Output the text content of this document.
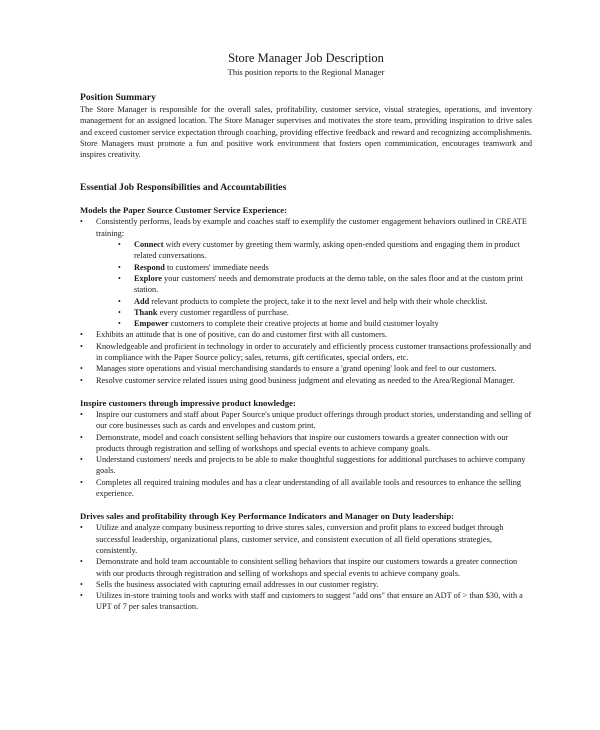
Store Manager Job Description

This position reports to the Regional Manager

Position Summary

The Store Manager is responsible for the overall sales, profitability, customer service, visual strategies, operations, and inventory management for an assigned location. The Store Manager supervises and motivates the store team, providing inspiration to drive sales and exceed customer service expectation through coaching, providing effective feedback and reward and recognizing accomplishments. Store Managers must promote a fun and positive work environment that fosters open communication, encourages teamwork and inspires creativity.

Essential Job Responsibilities and Accountabilities

Models the Paper Source Customer Service Experience:

• Consistently performs, leads by example and coaches staff to exemplify the customer engagement behaviors outlined in CREATE training:
• Connect with every customer by greeting them warmly, asking open-ended questions and engaging them in product related conversations.
• Respond to customers' immediate needs
• Explore your customers' needs and demonstrate products at the demo table, on the sales floor and at the custom print station.
• Add relevant products to complete the project, take it to the next level and help with their whole checklist.
• Thank every customer regardless of purchase.
• Empower customers to complete their creative projects at home and build customer loyalty
• Exhibits an attitude that is one of positive, can do and customer first with all customers.
• Knowledgeable and proficient in technology in order to accurately and efficiently process customer transactions professionally and in compliance with the Paper Source policy; sales, returns, gift certificates, special orders, etc.
• Manages store operations and visual merchandising standards to ensure a 'grand opening' look and feel to our customers.
• Resolve customer service related issues using good business judgment and elevating as needed to the Area/Regional Manager.

Inspire customers through impressive product knowledge:

• Inspire our customers and staff about Paper Source's unique product offerings through product stories, understanding and selling of our core businesses such as cards and envelopes and custom print.
• Demonstrate, model and coach consistent selling behaviors that inspire our customers towards a greater connection with our products through registration and selling of workshops and special events to achieve company goals.
• Understand customers' needs and projects to be able to make thoughtful suggestions for additional purchases to achieve company goals.
• Completes all required training modules and has a clear understanding of all available tools and resources to enhance the selling experience.

Drives sales and profitability through Key Performance Indicators and Manager on Duty leadership:

• Utilize and analyze company business reporting to drive stores sales, conversion and profit plans to exceed budget through successful leadership, organizational plans, customer service, and consistent execution of all field operations strategies, consistently.
• Demonstrate and hold team accountable to consistent selling behaviors that inspire our customers towards a greater connection with our products through registration and selling of workshops and special events to achieve company goals.
• Sells the business associated with capturing email addresses in our customer registry.
• Utilizes in-store training tools and works with staff and customers to suggest "add ons" that ensure an ADT of > than $30, with a UPT of 7 per sales transaction.
